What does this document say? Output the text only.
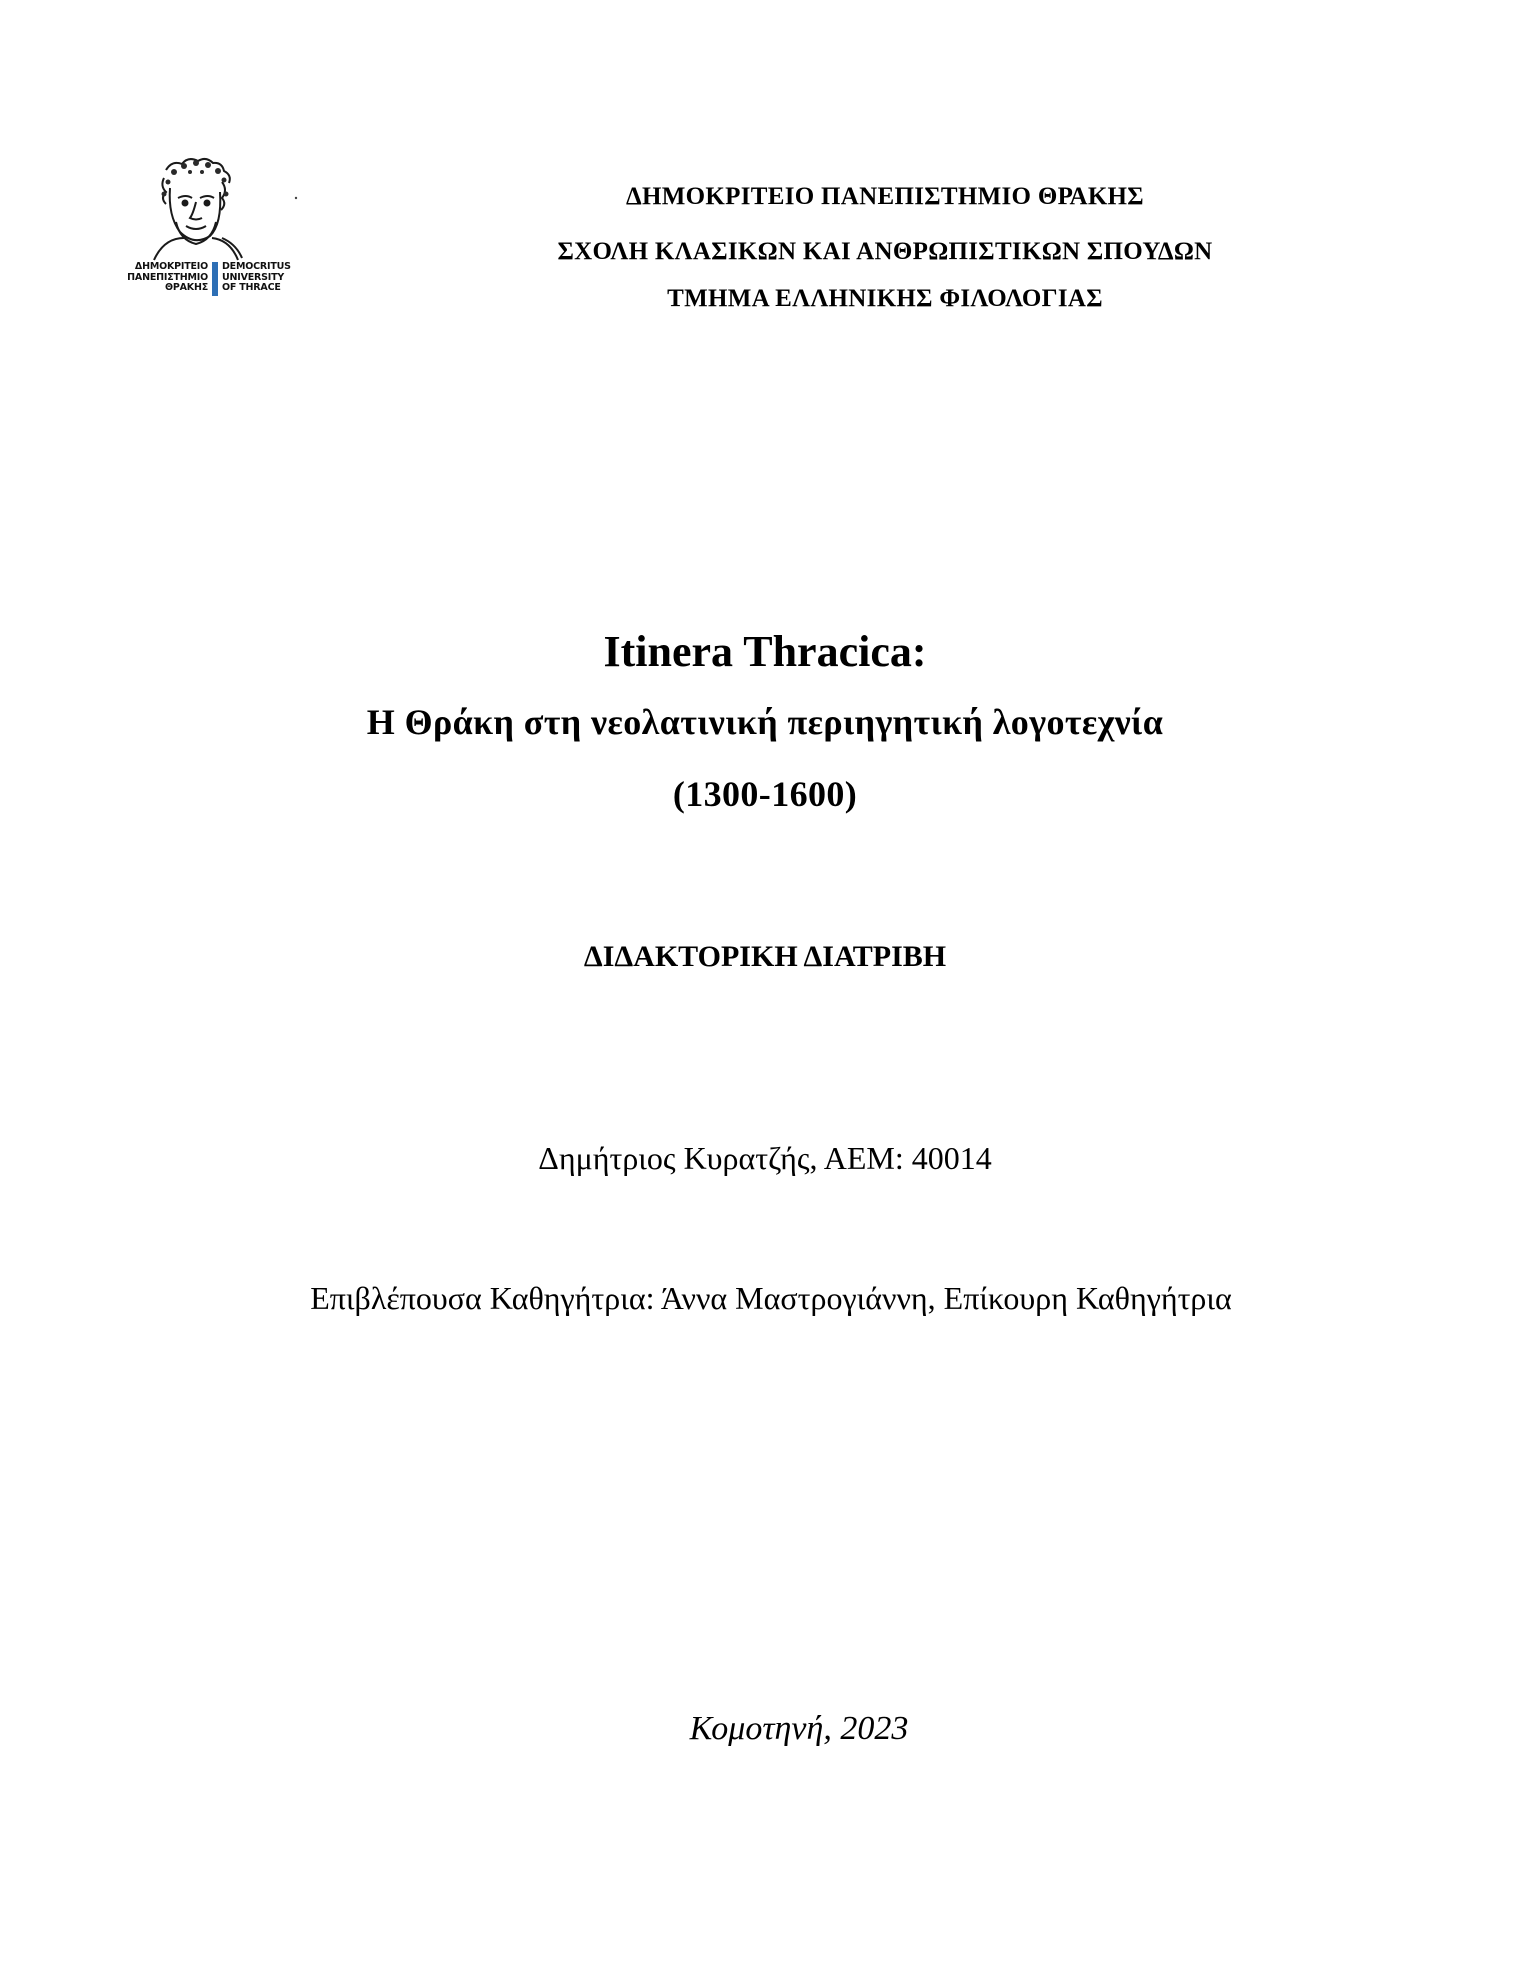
ΔΗΜΟΚΡΙΤΕΙΟ
ΠΑΝΕΠΙΣΤΗΜΙΟ
ΘΡΑΚΗΣ
DEMOCRITUS
UNIVERSITY
OF THRACE
ΔΗΜΟΚΡΙΤΕΙΟ ΠΑΝΕΠΙΣΤΗΜΙΟ ΘΡΑΚΗΣ
ΣΧΟΛΗ ΚΛΑΣΙΚΩΝ ΚΑΙ ΑΝΘΡΩΠΙΣΤΙΚΩΝ ΣΠΟΥΔΩΝ
ΤΜΗΜΑ ΕΛΛΗΝΙΚΗΣ ΦΙΛΟΛΟΓΙΑΣ
Itinera Thracica:
Η Θράκη στη νεολατινική περιηγητική λογοτεχνία
(1300-1600)
ΔΙΔΑΚΤΟΡΙΚΗ ΔΙΑΤΡΙΒΗ
Δημήτριος Κυρατζής, ΑΕΜ: 40014
Επιβλέπουσα Καθηγήτρια: Άννα Μαστρογιάννη, Επίκουρη Καθηγήτρια
Κομοτηνή, 2023
